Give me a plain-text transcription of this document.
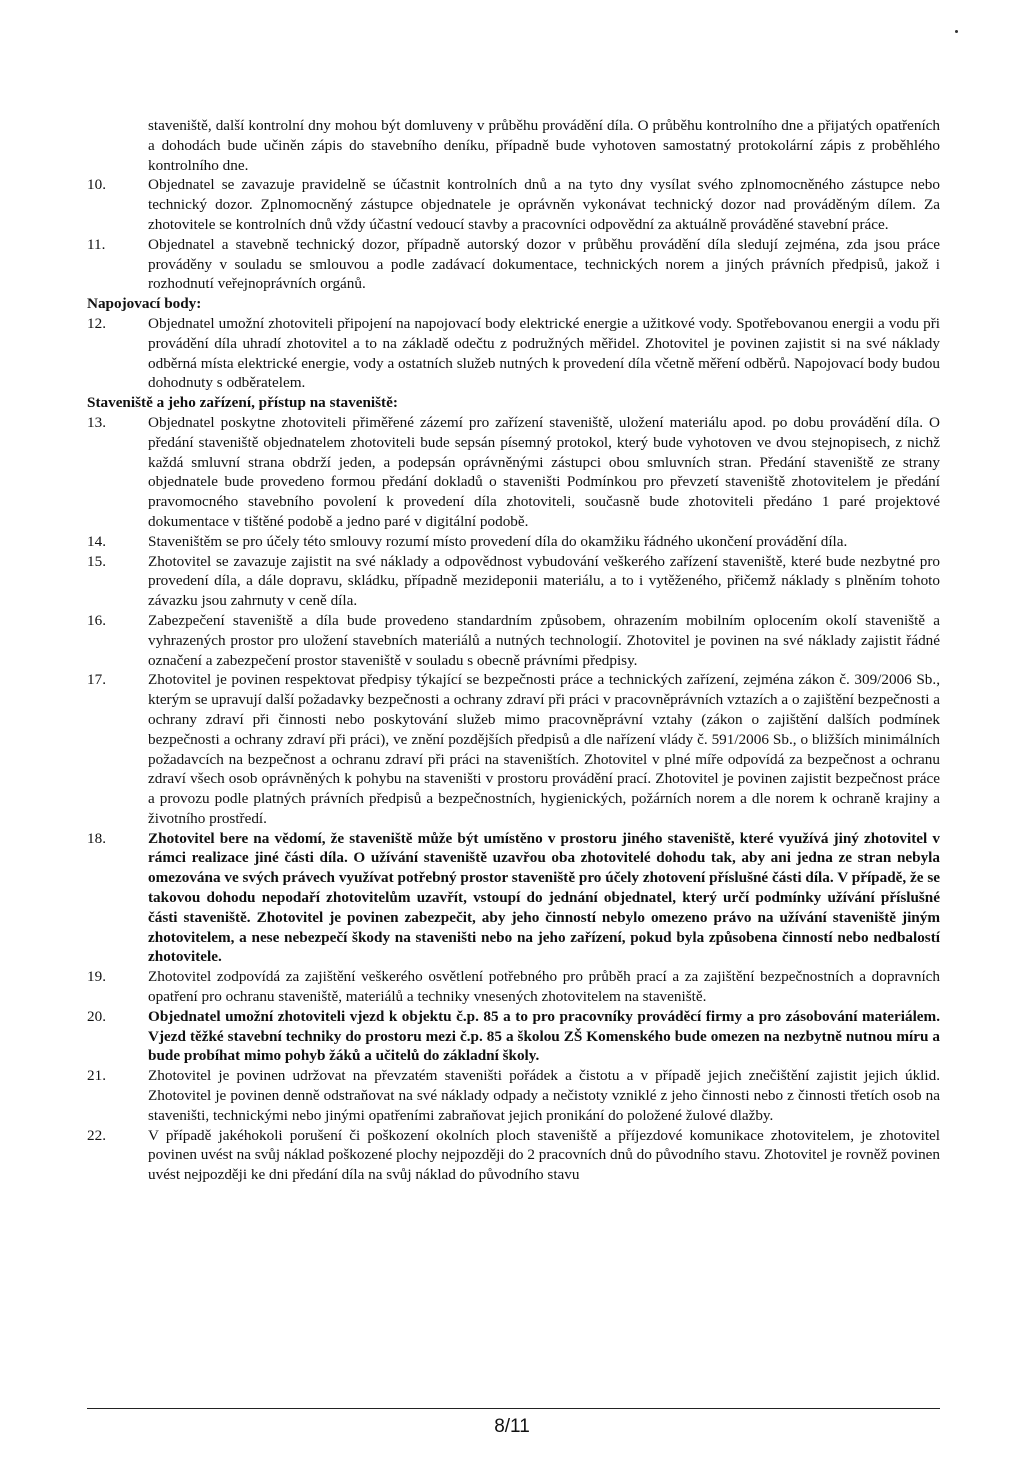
staveniště, další kontrolní dny mohou být domluveny v průběhu provádění díla. O průběhu kontrolního dne a přijatých opatřeních a dohodách bude učiněn zápis do stavebního deníku, případně bude vyhotoven samostatný protokolární zápis z proběhlého kontrolního dne.
10.	Objednatel se zavazuje pravidelně se účastnit kontrolních dnů a na tyto dny vysílat svého zplnomocněného zástupce nebo technický dozor. Zplnomocněný zástupce objednatele je oprávněn vykonávat technický dozor nad prováděným dílem. Za zhotovitele se kontrolních dnů vždy účastní vedoucí stavby a pracovníci odpovědní za aktuálně prováděné stavební práce.
11.	Objednatel a stavebně technický dozor, případně autorský dozor v průběhu provádění díla sledují zejména, zda jsou práce prováděny v souladu se smlouvou a podle zadávací dokumentace, technických norem a jiných právních předpisů, jakož i rozhodnutí veřejnoprávních orgánů.
Napojovací body:
12.	Objednatel umožní zhotoviteli připojení na napojovací body elektrické energie a užitkové vody. Spotřebovanou energii a vodu při provádění díla uhradí zhotovitel a to na základě odečtu z podružných měřidel. Zhotovitel je povinen zajistit si na své náklady odběrná místa elektrické energie, vody a ostatních služeb nutných k provedení díla včetně měření odběrů. Napojovací body budou dohodnuty s odběratelem.
Staveniště a jeho zařízení, přístup na staveniště:
13.	Objednatel poskytne zhotoviteli přiměřené zázemí pro zařízení staveniště, uložení materiálu apod. po dobu provádění díla. O předání staveniště objednatelem zhotoviteli bude sepsán písemný protokol, který bude vyhotoven ve dvou stejnopisech, z nichž každá smluvní strana obdrží jeden, a podepsán oprávněnými zástupci obou smluvních stran. Předání staveniště ze strany objednatele bude provedeno formou předání dokladů o staveništi Podmínkou pro převzetí staveniště zhotovitelem je předání pravomocného stavebního povolení k provedení díla zhotoviteli, současně bude zhotoviteli předáno 1 paré projektové dokumentace v tištěné podobě a jedno paré v digitální podobě.
14.	Staveništěm se pro účely této smlouvy rozumí místo provedení díla do okamžiku řádného ukončení provádění díla.
15.	Zhotovitel se zavazuje zajistit na své náklady a odpovědnost vybudování veškerého zařízení staveniště, které bude nezbytné pro provedení díla, a dále dopravu, skládku, případně mezideponii materiálu, a to i vytěženého, přičemž náklady s plněním tohoto závazku jsou zahrnuty v ceně díla.
16.	Zabezpečení staveniště a díla bude provedeno standardním způsobem, ohrazením mobilním oplocením okolí staveniště a vyhrazených prostor pro uložení stavebních materiálů a nutných technologií. Zhotovitel je povinen na své náklady zajistit řádné označení a zabezpečení prostor staveniště v souladu s obecně právními předpisy.
17.	Zhotovitel je povinen respektovat předpisy týkající se bezpečnosti práce a technických zařízení, zejména zákon č. 309/2006 Sb., kterým se upravují další požadavky bezpečnosti a ochrany zdraví při práci v pracovněprávních vztazích a o zajištění bezpečnosti a ochrany zdraví při činnosti nebo poskytování služeb mimo pracovněprávní vztahy (zákon o zajištění dalších podmínek bezpečnosti a ochrany zdraví při práci), ve znění pozdějších předpisů a dle nařízení vlády č. 591/2006 Sb., o bližších minimálních požadavcích na bezpečnost a ochranu zdraví při práci na staveništích. Zhotovitel v plné míře odpovídá za bezpečnost a ochranu zdraví všech osob oprávněných k pohybu na staveništi v prostoru provádění prací. Zhotovitel je povinen zajistit bezpečnost práce a provozu podle platných právních předpisů a bezpečnostních, hygienických, požárních norem a dle norem k ochraně krajiny a životního prostředí.
18.	Zhotovitel bere na vědomí, že staveniště může být umístěno v prostoru jiného staveniště, které využívá jiný zhotovitel v rámci realizace jiné části díla. O užívání staveniště uzavřou oba zhotovitelé dohodu tak, aby ani jedna ze stran nebyla omezována ve svých právech využívat potřebný prostor staveniště pro účely zhotovení příslušné části díla. V případě, že se takovou dohodu nepodaří zhotovitelům uzavřít, vstoupí do jednání objednatel, který určí podmínky užívání příslušné části staveniště. Zhotovitel je povinen zabezpečit, aby jeho činností nebylo omezeno právo na užívání staveniště jiným zhotovitelem, a nese nebezpečí škody na staveništi nebo na jeho zařízení, pokud byla způsobena činností nebo nedbalostí zhotovitele.
19.	Zhotovitel zodpovídá za zajištění veškerého osvětlení potřebného pro průběh prací a za zajištění bezpečnostních a dopravních opatření pro ochranu staveniště, materiálů a techniky vnesených zhotovitelem na staveniště.
20.	Objednatel umožní zhotoviteli vjezd k objektu č.p. 85 a to pro pracovníky prováděcí firmy a pro zásobování materiálem. Vjezd těžké stavební techniky do prostoru mezi č.p. 85 a školou ZŠ Komenského bude omezen na nezbytně nutnou míru a bude probíhat mimo pohyb žáků a učitelů do základní školy.
21.	Zhotovitel je povinen udržovat na převzatém staveništi pořádek a čistotu a v případě jejich znečištění zajistit jejich úklid. Zhotovitel je povinen denně odstraňovat na své náklady odpady a nečistoty vzniklé z jeho činnosti nebo z činnosti třetích osob na staveništi, technickými nebo jinými opatřeními zabraňovat jejich pronikání do položené žulové dlažby.
22.	V případě jakéhokoli porušení či poškození okolních ploch staveniště a příjezdové komunikace zhotovitelem, je zhotovitel povinen uvést na svůj náklad poškozené plochy nejpozději do 2 pracovních dnů do původního stavu. Zhotovitel je rovněž povinen uvést nejpozději ke dni předání díla na svůj náklad do původního stavu
8/11
